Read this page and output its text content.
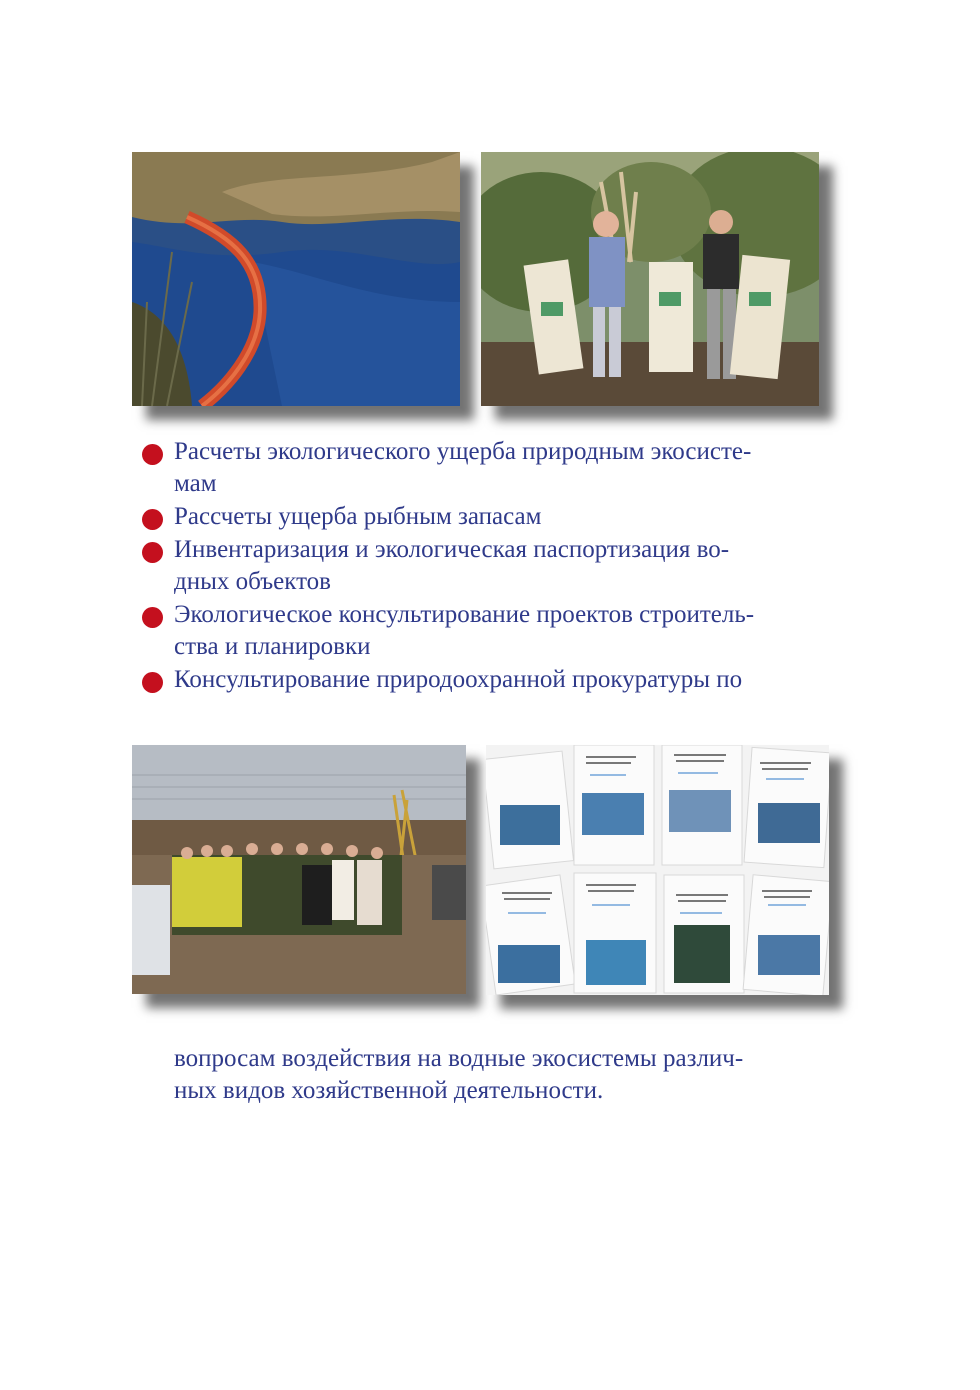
Расчеты экологического ущерба природным экосисте-
мам
Рассчеты ущерба рыбным запасам
Инвентаризация и экологическая паспортизация во-
дных объектов
Экологическое консультирование проектов строитель-
ства и планировки
Консультирование природоохранной прокуратуры по

вопросам воздействия на водные экосистемы различ-
ных видов хозяйственной деятельности.
